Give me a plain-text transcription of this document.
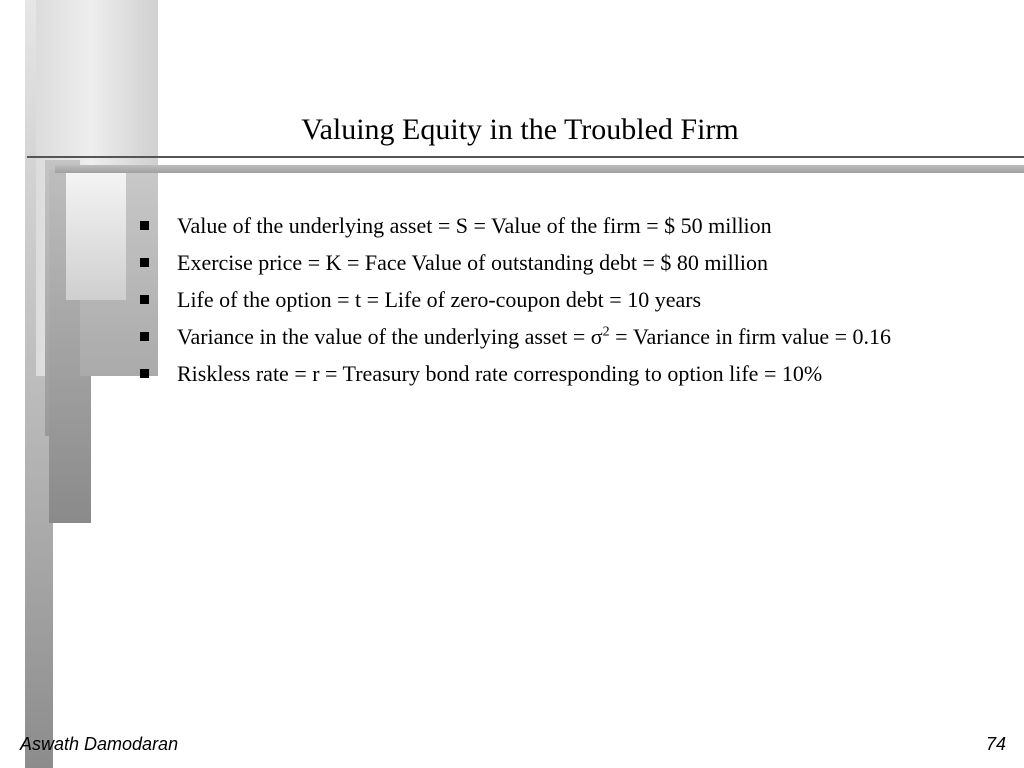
Valuing Equity in the Troubled Firm
Value of the underlying asset = S = Value of the firm = $ 50 million
Exercise price = K = Face Value of outstanding debt = $ 80 million
Life of the option = t = Life of zero-coupon debt = 10 years
Variance in the value of the underlying asset = $\sigma^2$ = Variance in firm value = 0.16
Riskless rate = r = Treasury bond rate corresponding to option life = 10%
Aswath Damodaran	74
